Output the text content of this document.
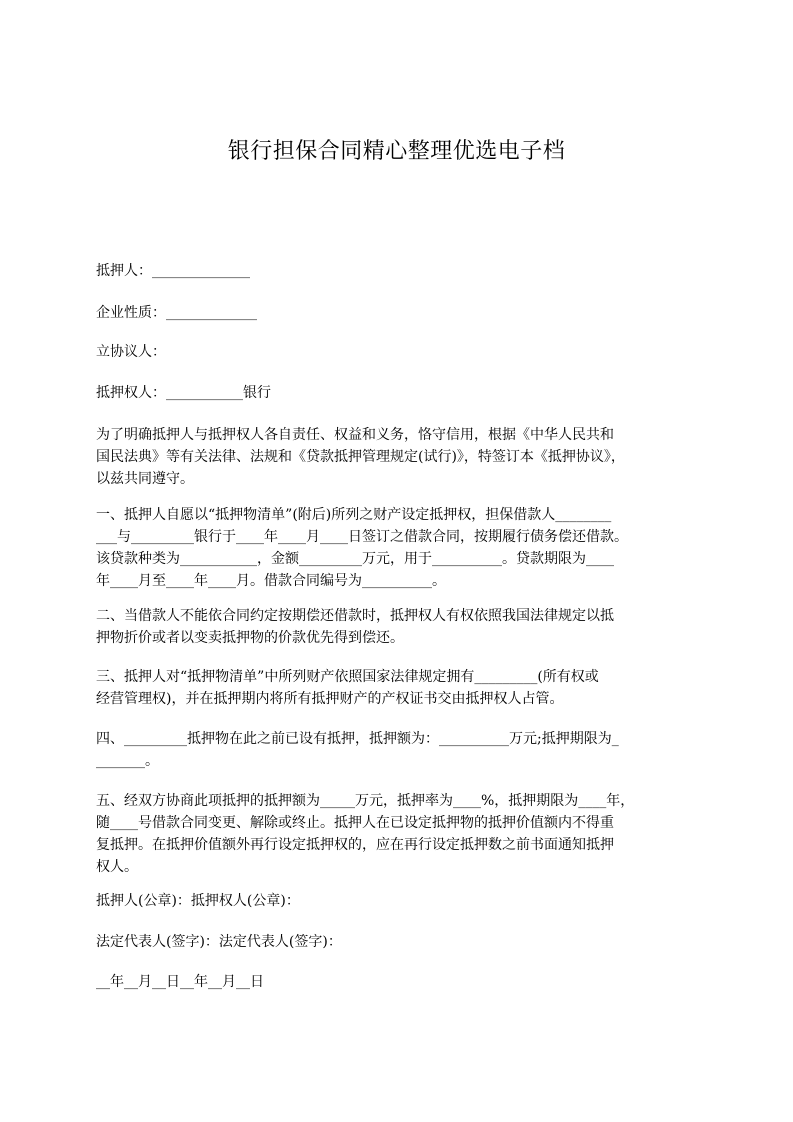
银行担保合同精心整理优选电子档
抵押人：______________
企业性质：_____________
立协议人：
抵押权人：___________银行
为了明确抵押人与抵押权人各自责任、权益和义务，恪守信用，根据《中华人民共和
国民法典》等有关法律、法规和《贷款抵押管理规定(试行)》，特签订本《抵押协议》，
以兹共同遵守。
一、抵押人自愿以“抵押物清单”(附后)所列之财产设定抵押权，担保借款人________
___与_________银行于____年____月____日签订之借款合同，按期履行债务偿还借款。
该贷款种类为___________，金额_________万元，用于__________。贷款期限为____
年____月至____年____月。借款合同编号为__________。
二、当借款人不能依合同约定按期偿还借款时，抵押权人有权依照我国法律规定以抵
押物折价或者以变卖抵押物的价款优先得到偿还。
三、抵押人对“抵押物清单”中所列财产依照国家法律规定拥有_________(所有权或
经营管理权)，并在抵押期内将所有抵押财产的产权证书交由抵押权人占管。
四、_________抵押物在此之前已设有抵押，抵押额为：__________万元;抵押期限为_
_______。
五、经双方协商此项抵押的抵押额为_____万元，抵押率为____%，抵押期限为____年，
随____号借款合同变更、解除或终止。抵押人在已设定抵押物的抵押价值额内不得重
复抵押。在抵押价值额外再行设定抵押权的，应在再行设定抵押数之前书面通知抵押
权人。
抵押人(公章)：抵押权人(公章)：
法定代表人(签字)：法定代表人(签字)：
__年__月__日__年__月__日
